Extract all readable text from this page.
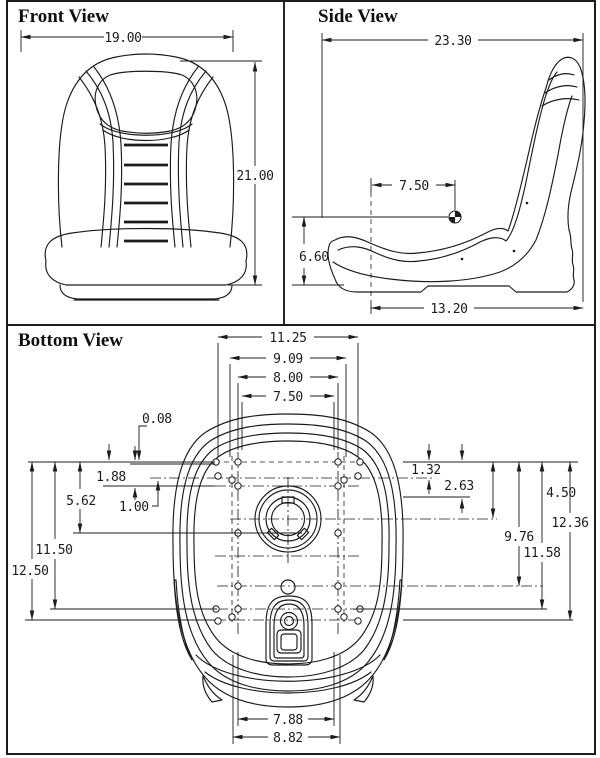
Front View
19.00
21.00
Side View
23.30
7.50
6.60
13.20
Bottom View	11.25
9.09
8.00
7.50
0.08
1.88
5.62 1.00
11.50
12.50
1.32
2.63	4.50
9.76
11.58
12.36
7.88
8.82
